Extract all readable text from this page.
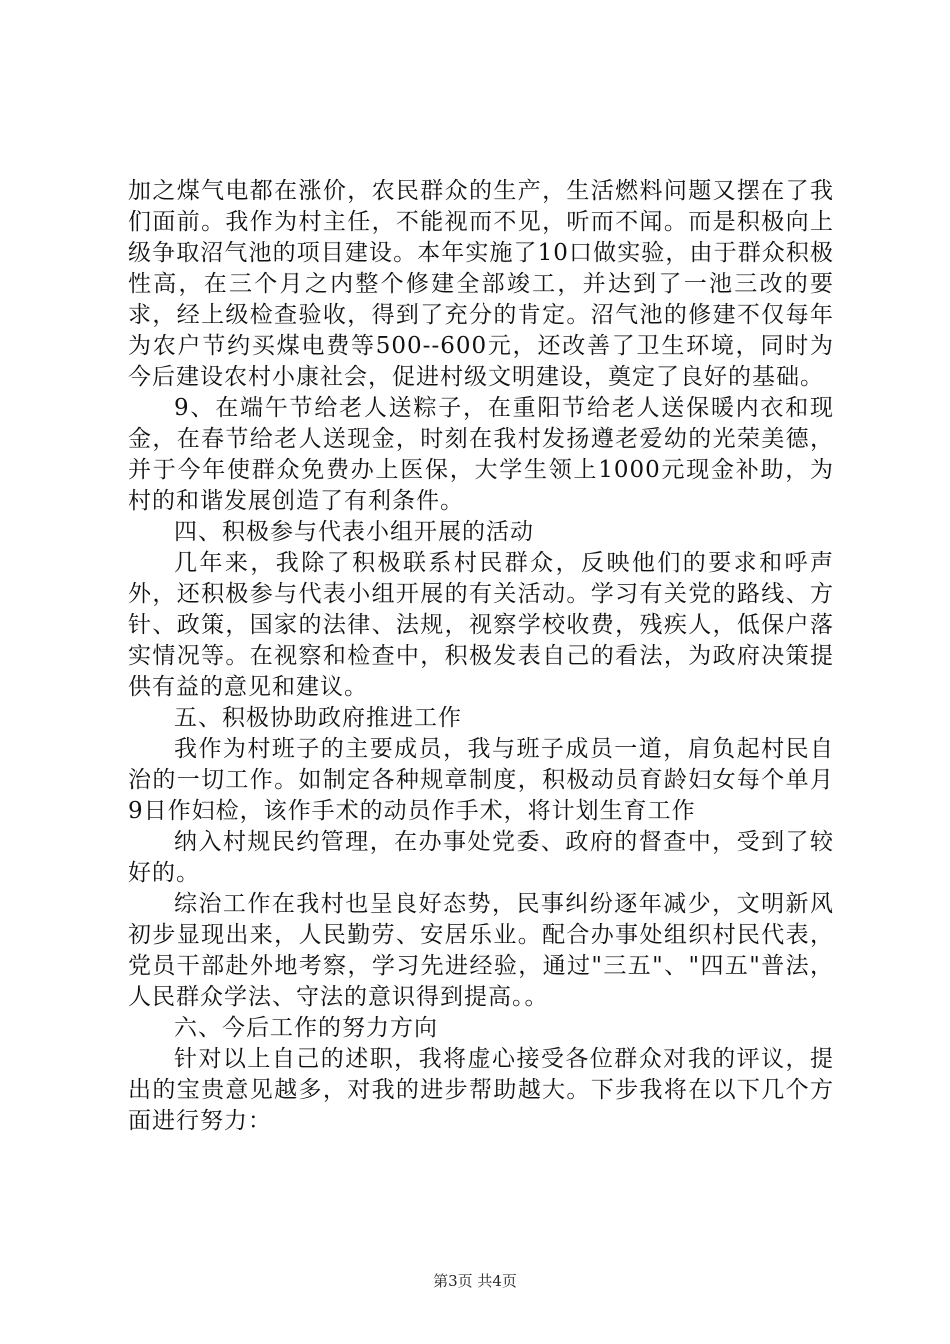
加之煤气电都在涨价，农民群众的生产，生活燃料问题又摆在了我们面前。我作为村主任，不能视而不见，听而不闻。而是积极向上级争取沼气池的项目建设。本年实施了10口做实验，由于群众积极性高，在三个月之内整个修建全部竣工，并达到了一池三改的要求，经上级检查验收，得到了充分的肯定。沼气池的修建不仅每年为农户节约买煤电费等500--600元，还改善了卫生环境，同时为今后建设农村小康社会，促进村级文明建设，奠定了良好的基础。

9、在端午节给老人送粽子，在重阳节给老人送保暖内衣和现金，在春节给老人送现金，时刻在我村发扬遵老爱幼的光荣美德，并于今年使群众免费办上医保，大学生领上1000元现金补助，为村的和谐发展创造了有利条件。

四、积极参与代表小组开展的活动

几年来，我除了积极联系村民群众，反映他们的要求和呼声外，还积极参与代表小组开展的有关活动。学习有关党的路线、方针、政策，国家的法律、法规，视察学校收费，残疾人，低保户落实情况等。在视察和检查中，积极发表自己的看法，为政府决策提供有益的意见和建议。

五、积极协助政府推进工作

我作为村班子的主要成员，我与班子成员一道，肩负起村民自治的一切工作。如制定各种规章制度，积极动员育龄妇女每个单月9日作妇检，该作手术的动员作手术，将计划生育工作

纳入村规民约管理，在办事处党委、政府的督查中，受到了较好的。

综治工作在我村也呈良好态势，民事纠纷逐年减少，文明新风初步显现出来，人民勤劳、安居乐业。配合办事处组织村民代表，党员干部赴外地考察，学习先进经验，通过"三五"、"四五"普法，人民群众学法、守法的意识得到提高。。

六、今后工作的努力方向

针对以上自己的述职，我将虚心接受各位群众对我的评议，提出的宝贵意见越多，对我的进步帮助越大。下步我将在以下几个方面进行努力：

第3页 共4页
